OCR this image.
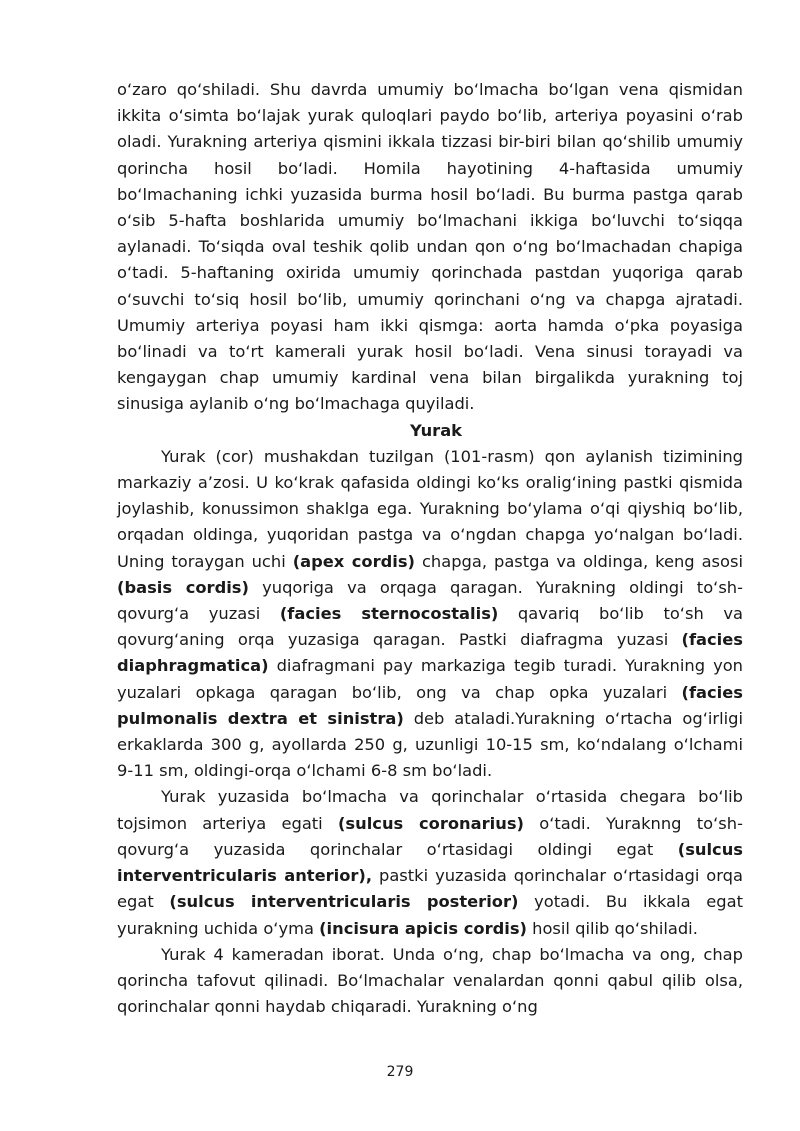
o‘zaro qo‘shiladi. Shu davrda umumiy bo‘lmacha bo‘lgan vena qismidan ikkita o‘simta bo‘lajak yurak quloqlari paydo bo‘lib, arteriya poyasini o‘rab oladi. Yurakning arteriya qismini ikkala tizzasi bir-biri bilan qo‘shilib umumiy qorincha hosil bo‘ladi. Homila hayotining 4-haftasida umumiy bo‘lmachaning ichki yuzasida burma hosil bo‘ladi. Bu burma pastga qarab o‘sib 5-hafta boshlarida umumiy bo‘lmachani ikkiga bo‘luvchi to‘siqqa aylanadi. To‘siqda oval teshik qolib undan qon o‘ng bo‘lmachadan chapiga o‘tadi. 5-haftaning oxirida umumiy qorinchada pastdan yuqoriga qarab o‘suvchi to‘siq hosil bo‘lib, umumiy qorinchani o‘ng va chapga ajratadi. Umumiy arteriya poyasi ham ikki qismga: aorta hamda o‘pka poyasiga bo‘linadi va to‘rt kamerali yurak hosil bo‘ladi. Vena sinusi torayadi va kengaygan chap umumiy kardinal vena bilan birgalikda yurakning toj sinusiga aylanib o‘ng bo‘lmachaga quyiladi.

Yurak

Yurak (cor) mushakdan tuzilgan (101-rasm) qon aylanish tizimining markaziy a’zosi. U ko‘krak qafasida oldingi ko‘ks oralig‘ining pastki qismida joylashib, konussimon shaklga ega. Yurakning bo‘ylama o‘qi qiyshiq bo‘lib, orqadan oldinga, yuqoridan pastga va o‘ngdan chapga yo‘nalgan bo‘ladi. Uning toraygan uchi (apex cordis) chapga, pastga va oldinga, keng asosi (basis cordis) yuqoriga va orqaga qaragan. Yurakning oldingi to‘sh-qovurg‘a yuzasi (facies sternocostalis) qavariq bo‘lib to‘sh va qovurg‘aning orqa yuzasiga qaragan. Pastki diafragma yuzasi (facies diaphragmatica) diafragmani pay markaziga tegib turadi. Yurakning yon yuzalari opkaga qaragan bo‘lib, ong va chap opka yuzalari (facies pulmonalis dextra et sinistra) deb ataladi.Yurakning o‘rtacha og‘irligi erkaklarda 300 g, ayollarda 250 g, uzunligi 10-15 sm, ko‘ndalang o‘lchami 9-11 sm, oldingi-orqa o‘lchami 6-8 sm bo‘ladi.

Yurak yuzasida bo‘lmacha va qorinchalar o‘rtasida chegara bo‘lib tojsimon arteriya egati (sulcus coronarius) o‘tadi. Yuraknng to‘sh-qovurg‘a yuzasida qorinchalar o‘rtasidagi oldingi egat (sulcus interventricularis anterior), pastki yuzasida qorinchalar o‘rtasidagi orqa egat (sulcus interventricularis posterior) yotadi. Bu ikkala egat yurakning uchida o‘yma (incisura apicis cordis) hosil qilib qo‘shiladi.

Yurak 4 kameradan iborat. Unda o‘ng, chap bo‘lmacha va ong, chap qorincha tafovut qilinadi. Bo‘lmachalar venalardan qonni qabul qilib olsa, qorinchalar qonni haydab chiqaradi. Yurakning o‘ng

279
